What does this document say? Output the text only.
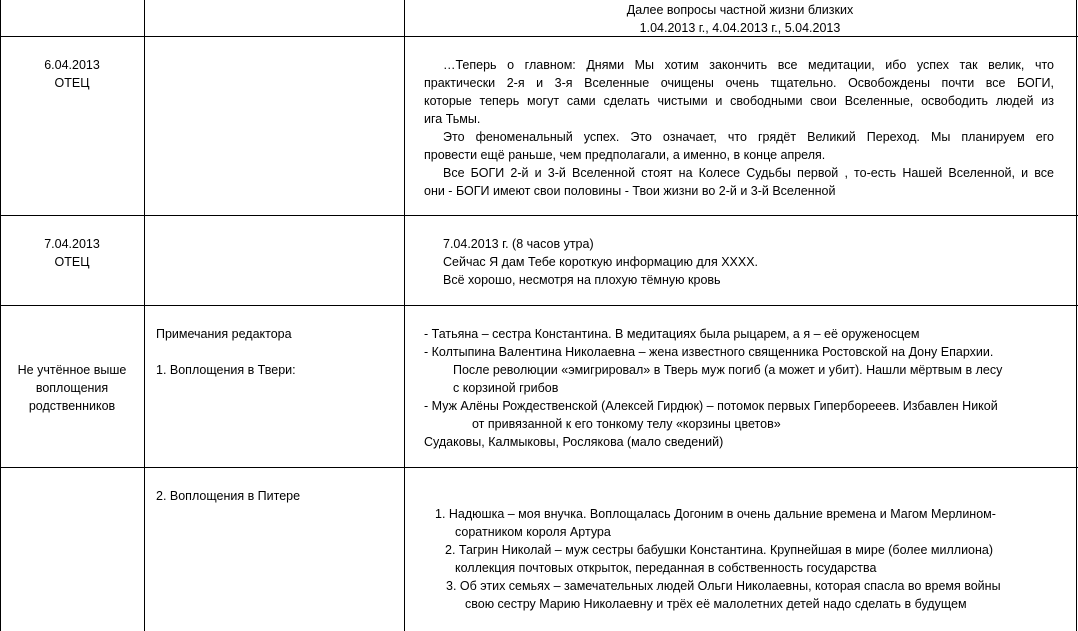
Далее вопросы частной жизни близких
1.04.2013 г., 4.04.2013 г., 5.04.2013
6.04.2013
ОТЕЦ
…Теперь о главном: Днями Мы хотим закончить все медитации, ибо успех так велик, что
практически 2-я и 3-я Вселенные очищены очень тщательно. Освобождены почти все БОГИ,
которые теперь могут сами сделать чистыми и свободными свои Вселенные, освободить людей из
ига Тьмы.
Это феноменальный успех. Это означает, что грядёт Великий Переход. Мы планируем его
провести ещё раньше, чем предполагали, а именно, в конце апреля.
Все БОГИ 2-й и 3-й Вселенной стоят на Колесе Судьбы первой , то-есть Нашей Вселенной, и все
они - БОГИ имеют свои половины - Твои жизни во 2-й и 3-й Вселенной
7.04.2013
ОТЕЦ
7.04.2013 г. (8 часов утра)
Сейчас Я дам Тебе короткую информацию для ХХХХ.
Всё хорошо, несмотря на плохую тёмную кровь
Не учтённое выше
воплощения
родственников
Примечания редактора
1. Воплощения в Твери:
- Татьяна – сестра Константина. В медитациях была рыцарем, а я – её оруженосцем
- Колтыпина Валентина Николаевна – жена известного священника Ростовской на Дону Епархии.
После революции «эмигрировал» в Тверь муж погиб (а может и убит). Нашли мёртвым в лесу
с корзиной грибов
- Муж Алёны Рождественской (Алексей Гирдюк) – потомок первых Гиперборееев. Избавлен Никой
от привязанной к его тонкому телу «корзины цветов»
Судаковы, Калмыковы, Рослякова (мало сведений)
2. Воплощения в Питере
1. Надюшка – моя внучка. Воплощалась Догоним в очень дальние времена и Магом Мерлином-
соратником короля Артура
2. Тагрин Николай – муж сестры бабушки Константина. Крупнейшая в мире (более миллиона)
коллекция почтовых открыток, переданная в собственность государства
3. Об этих семьях – замечательных людей Ольги Николаевны, которая спасла во время войны
свою сестру Марию Николаевну и трёх её малолетних детей надо сделать в будущем
